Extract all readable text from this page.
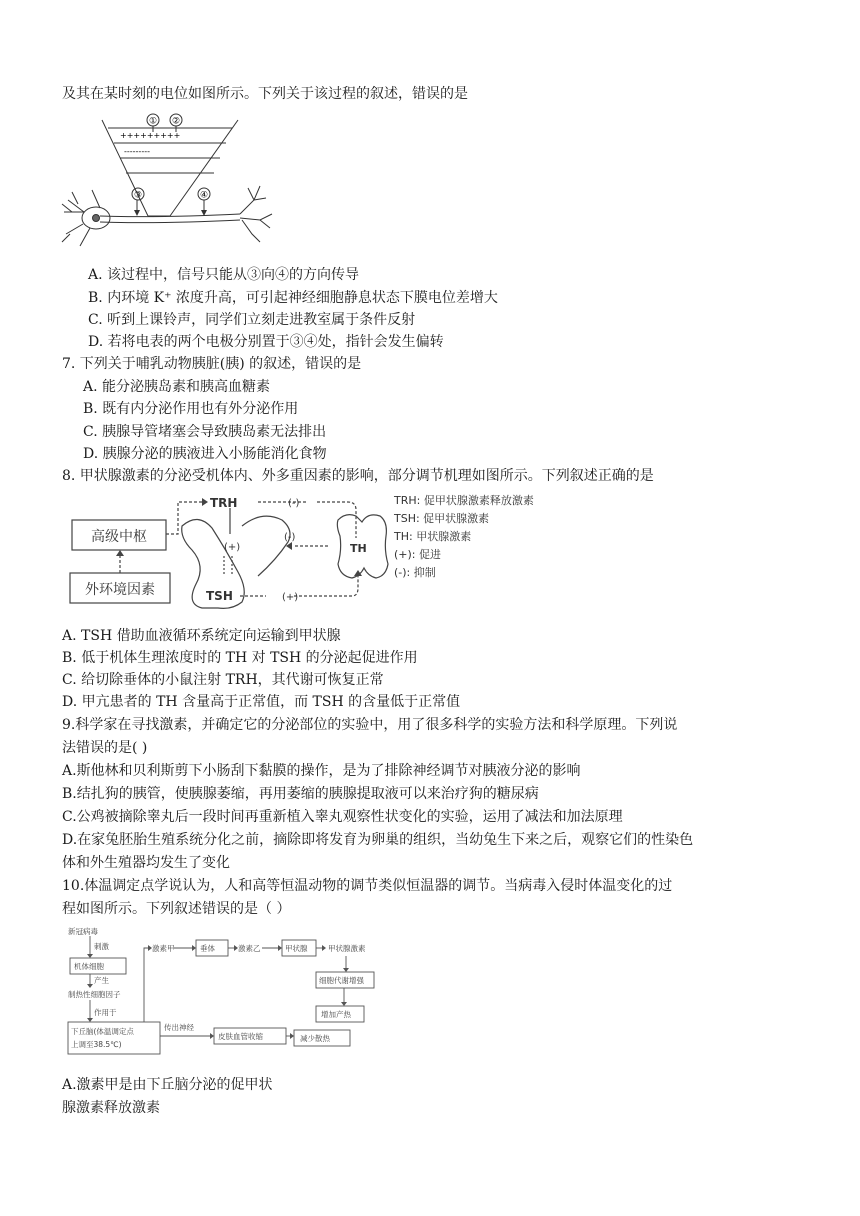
及其在某时刻的电位如图所示。下列关于该过程的叙述，错误的是
① ②
③	④
+++++++++
---------
A. 该过程中，信号只能从③向④的方向传导
B. 内环境 K⁺ 浓度升高，可引起神经细胞静息状态下膜电位差增大
C. 听到上课铃声，同学们立刻走进教室属于条件反射
D. 若将电表的两个电极分别置于③④处，指针会发生偏转
7. 下列关于哺乳动物胰脏(胰) 的叙述，错误的是
A. 能分泌胰岛素和胰高血糖素
B. 既有内分泌作用也有外分泌作用
C. 胰腺导管堵塞会导致胰岛素无法排出
D. 胰腺分泌的胰液进入小肠能消化食物
8. 甲状腺激素的分泌受机体内、外多重因素的影响，部分调节机理如图所示。下列叙述正确的是
高级中枢
外环境因素
TRH
TSH
TH
(+)
(+)
(-)
(-)
TRH: 促甲状腺激素释放激素
TSH: 促甲状腺激素
TH: 甲状腺激素
(+): 促进
(-): 抑制
A. TSH 借助血液循环系统定向运输到甲状腺
B. 低于机体生理浓度时的 TH 对 TSH 的分泌起促进作用
C. 给切除垂体的小鼠注射 TRH，其代谢可恢复正常
D. 甲亢患者的 TH 含量高于正常值，而 TSH 的含量低于正常值
9.科学家在寻找激素，并确定它的分泌部位的实验中，用了很多科学的实验方法和科学原理。下列说
法错误的是( )
A.斯他林和贝利斯剪下小肠刮下黏膜的操作，是为了排除神经调节对胰液分泌的影响
B.结扎狗的胰管，使胰腺萎缩，再用萎缩的胰腺提取液可以来治疗狗的糖尿病
C.公鸡被摘除睾丸后一段时间再重新植入睾丸观察性状变化的实验，运用了减法和加法原理
D.在家兔胚胎生殖系统分化之前，摘除即将发育为卵巢的组织，当幼兔生下来之后，观察它们的性染色
体和外生殖器均发生了变化
10.体温调定点学说认为，人和高等恒温动物的调节类似恒温器的调节。当病毒入侵时体温变化的过
程如图所示。下列叙述错误的是（ ）
新冠病毒
刺激
机体细胞
产生
制热性细胞因子
作用于
下丘脑(体温调定点
上调至38.5℃)
激素甲	垂体	激素乙	甲状腺	甲状腺激素
细胞代谢增强
增加产热
传出神经
皮肤血管收缩	减少散热
A.激素甲是由下丘脑分泌的促甲状
腺激素释放激素
